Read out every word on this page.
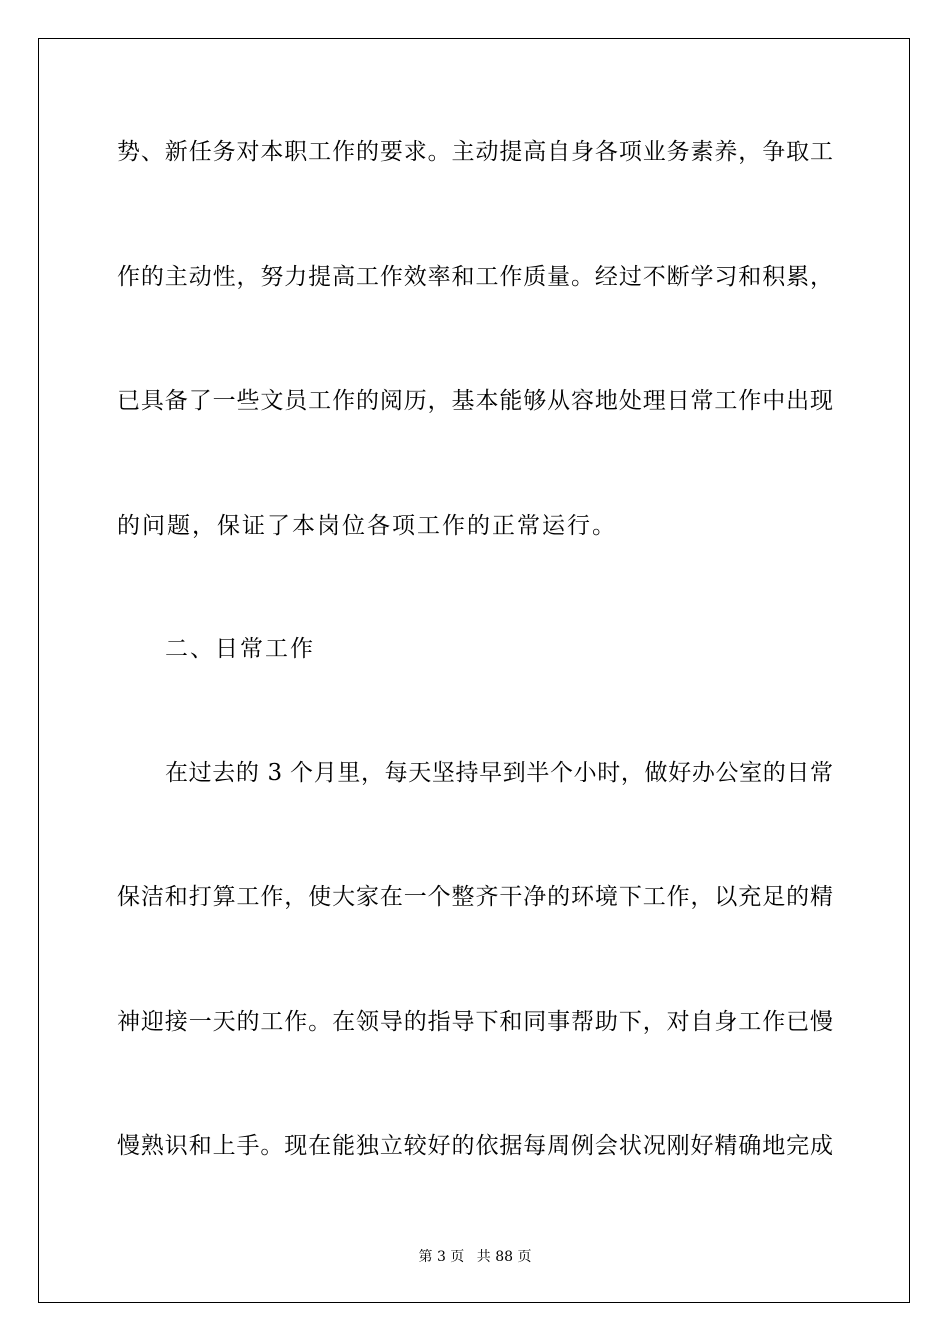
势、新任务对本职工作的要求。主动提高自身各项业务素养，争取工
作的主动性，努力提高工作效率和工作质量。经过不断学习和积累，
已具备了一些文员工作的阅历，基本能够从容地处理日常工作中出现
的问题，保证了本岗位各项工作的正常运行。
二、日常工作
在过去的 3 个月里，每天坚持早到半个小时，做好办公室的日常
保洁和打算工作，使大家在一个整齐干净的环境下工作，以充足的精
神迎接一天的工作。在领导的指导下和同事帮助下，对自身工作已慢
慢熟识和上手。现在能独立较好的依据每周例会状况刚好精确地完成
第 3 页 共 88 页
